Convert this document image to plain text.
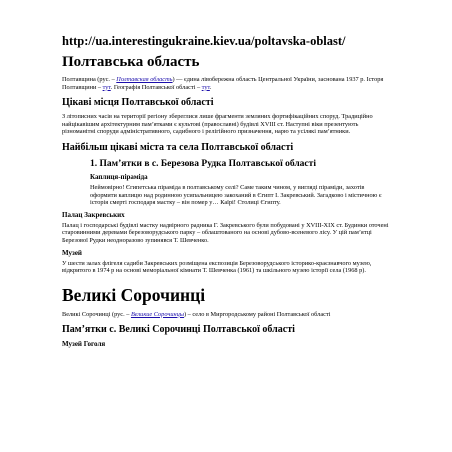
http://ua.interestingukraine.kiev.ua/poltavska-oblast/
Полтавська область

Полтавщина (рус. – Полтавская область) — єдина лівобережна область Центральної України, заснована 1937 р. Історя Полтавщини – тут. Географія Полтавської області – тут.

Цікаві місця Полтавської області

З літописних часів на території регіону збереглися лише фрагменти земляних фортифікаційних споруд. Традиційно найцікавішим архітектурним пам’ятками є культові (православні) будівлі XVIII ст. Наступні віки презентують різноманітні споруди адміністративного, садибного і релігійного призначення, нарю та усілякі пам’ятники.

Найбільш цікаві міста та села Полтавської області
1. Пам’ятки в с. Березова Рудка Полтавської області
Каплиця-піраміда

Неймовірно! Єгипетська піраміда в полтавському селі? Саме таким чином, у вигляді піраміди, захотів оформити каплицю над родинною усипальницею закоханий в Єгипт І. Закревський. Загадково і містичною є історія смерті господаря мастку – він помер у… Каїрі! Столиці Єгипту.

Палац Закревських

Палац і господарські будівлі мастку надвірного радника Г. Закревського були побудовані у XVIII-XIX ст. Будинки оточені старовинними деревами березоворудського парку – облаштованого на основі дубово-всеневого лісу. У цій пам’ятці Березової Рудки неодноразово зупинявся Т. Шевченко.

Музей

У шести залах флігеля садиби Закревських розміщена експозиція Березоворудського історико-краєзнавчого музею, відкритого в 1974 р на основі меморіальної кімнати Т. Шевченка (1961) та шкільного музею історії села (1968 р).

Великі Сорочинці

Великі Сорочинці (рус. – Великие Сорочинцы) – село в Миргородському районі Полтавської області

Пам’ятки с. Великі Сорочинці Полтавської області
Музей Гоголя
